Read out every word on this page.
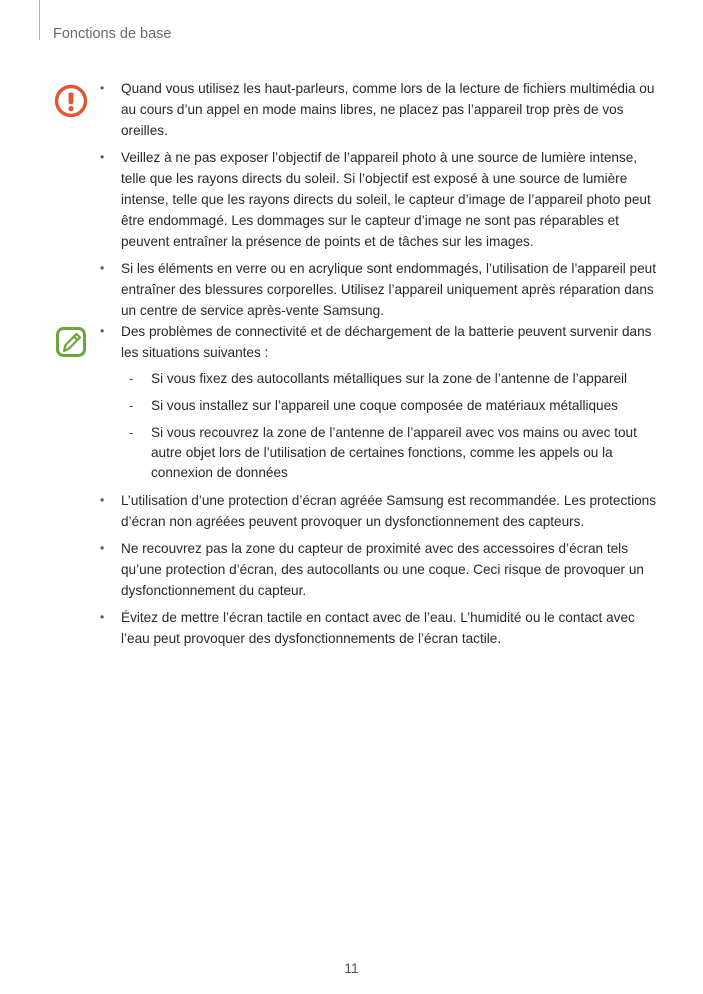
Fonctions de base
• Quand vous utilisez les haut-parleurs, comme lors de la lecture de fichiers multimédia ou au cours d’un appel en mode mains libres, ne placez pas l’appareil trop près de vos oreilles.
• Veillez à ne pas exposer l’objectif de l’appareil photo à une source de lumière intense, telle que les rayons directs du soleil. Si l’objectif est exposé à une source de lumière intense, telle que les rayons directs du soleil, le capteur d’image de l’appareil photo peut être endommagé. Les dommages sur le capteur d’image ne sont pas réparables et peuvent entraîner la présence de points et de tâches sur les images.
• Si les éléments en verre ou en acrylique sont endommagés, l’utilisation de l’appareil peut entraîner des blessures corporelles. Utilisez l’appareil uniquement après réparation dans un centre de service après-vente Samsung.
• Des problèmes de connectivité et de déchargement de la batterie peuvent survenir dans les situations suivantes :
- Si vous fixez des autocollants métalliques sur la zone de l’antenne de l’appareil
- Si vous installez sur l’appareil une coque composée de matériaux métalliques
- Si vous recouvrez la zone de l’antenne de l’appareil avec vos mains ou avec tout autre objet lors de l’utilisation de certaines fonctions, comme les appels ou la connexion de données
• L’utilisation d’une protection d’écran agréée Samsung est recommandée. Les protections d’écran non agréées peuvent provoquer un dysfonctionnement des capteurs.
• Ne recouvrez pas la zone du capteur de proximité avec des accessoires d’écran tels qu’une protection d’écran, des autocollants ou une coque. Ceci risque de provoquer un dysfonctionnement du capteur.
• Évitez de mettre l’écran tactile en contact avec de l’eau. L’humidité ou le contact avec l’eau peut provoquer des dysfonctionnements de l’écran tactile.
11
